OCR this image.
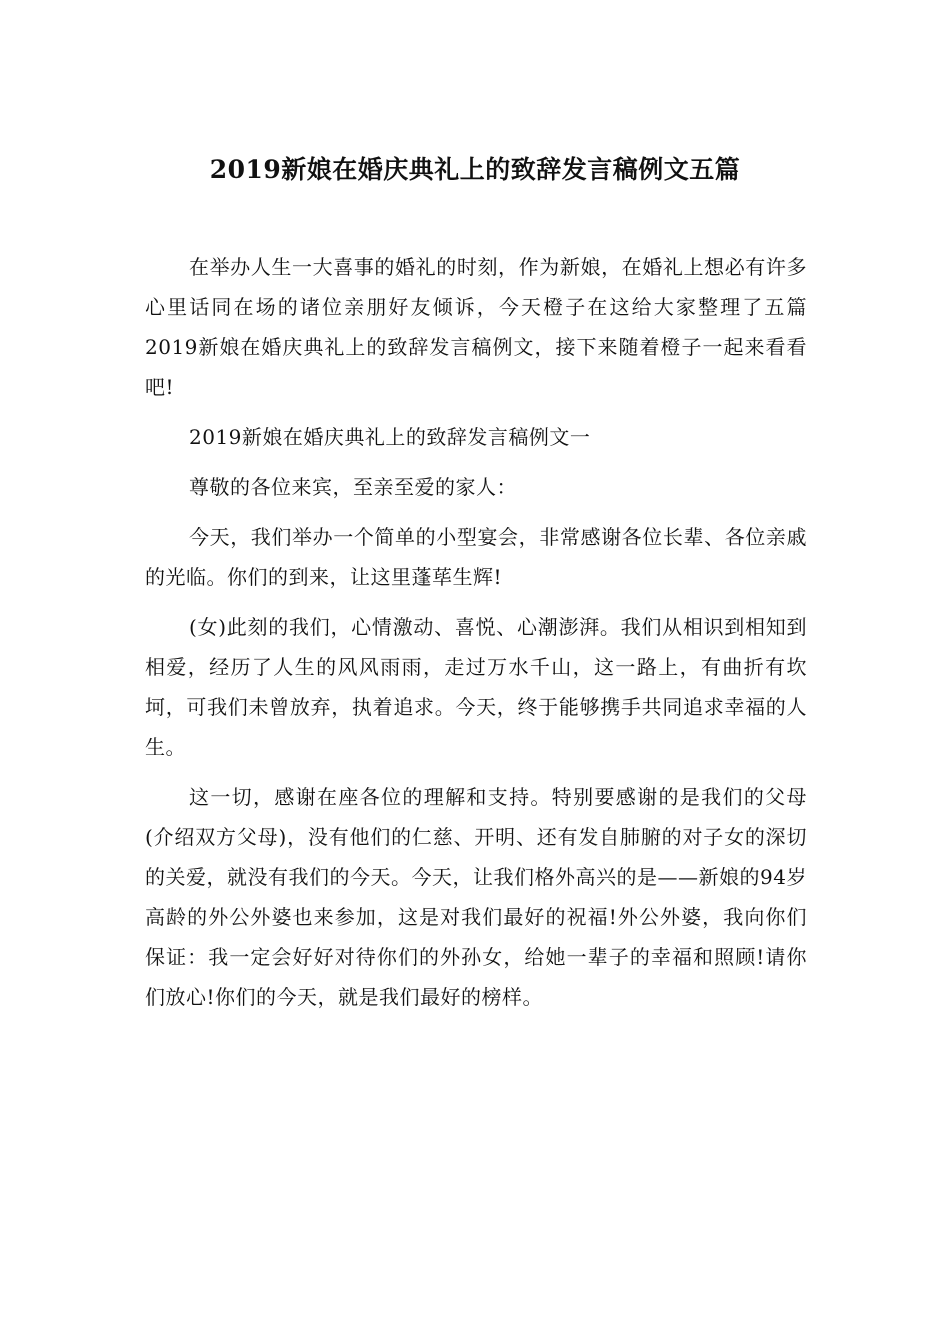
2019新娘在婚庆典礼上的致辞发言稿例文五篇

在举办人生一大喜事的婚礼的时刻，作为新娘，在婚礼上想必有许多心里话同在场的诸位亲朋好友倾诉，今天橙子在这给大家整理了五篇2019新娘在婚庆典礼上的致辞发言稿例文，接下来随着橙子一起来看看吧!

2019新娘在婚庆典礼上的致辞发言稿例文一

尊敬的各位来宾，至亲至爱的家人：

今天，我们举办一个简单的小型宴会，非常感谢各位长辈、各位亲戚的光临。你们的到来，让这里蓬荜生辉!

(女)此刻的我们，心情激动、喜悦、心潮澎湃。我们从相识到相知到相爱，经历了人生的风风雨雨，走过万水千山，这一路上，有曲折有坎坷，可我们未曾放弃，执着追求。今天，终于能够携手共同追求幸福的人生。

这一切，感谢在座各位的理解和支持。特别要感谢的是我们的父母(介绍双方父母)，没有他们的仁慈、开明、还有发自肺腑的对子女的深切的关爱，就没有我们的今天。今天，让我们格外高兴的是——新娘的94岁高龄的外公外婆也来参加，这是对我们最好的祝福!外公外婆，我向你们保证：我一定会好好对待你们的外孙女，给她一辈子的幸福和照顾!请你们放心!你们的今天，就是我们最好的榜样。
